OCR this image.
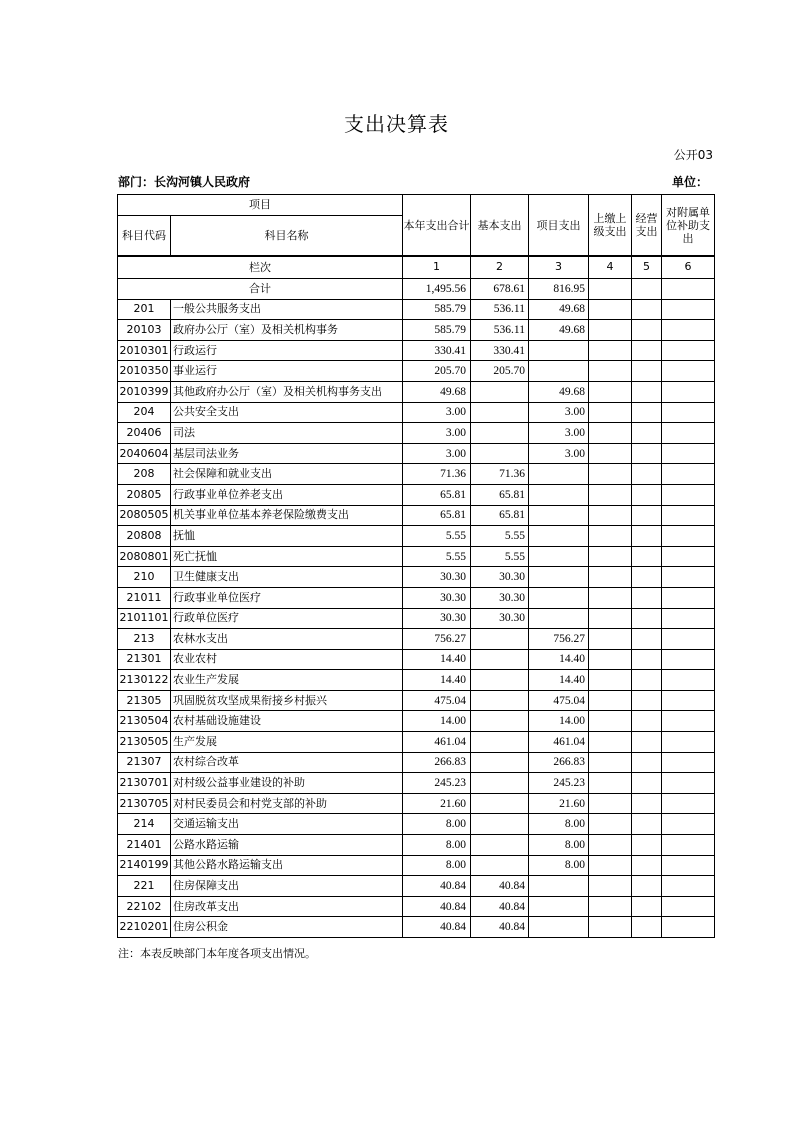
支出决算表
公开03
部门：长沟河镇人民政府	单位：
项目		本年支出合计	基本支出	项目支出	上缴上级支出	经营支出	对附属单位补助支出
科目代码	科目名称						
栏次		1	2	3	4	5	6
合计		1,495.56	678.61	816.95			
201	一般公共服务支出	585.79	536.11	49.68			
20103	政府办公厅（室）及相关机构事务	585.79	536.11	49.68			
2010301	行政运行	330.41	330.41				
2010350	事业运行	205.70	205.70				
2010399	其他政府办公厅（室）及相关机构事务支出	49.68		49.68			
204	公共安全支出	3.00		3.00			
20406	司法	3.00		3.00			
2040604	基层司法业务	3.00		3.00			
208	社会保障和就业支出	71.36	71.36				
20805	行政事业单位养老支出	65.81	65.81				
2080505	机关事业单位基本养老保险缴费支出	65.81	65.81				
20808	抚恤	5.55	5.55				
2080801	死亡抚恤	5.55	5.55				
210	卫生健康支出	30.30	30.30				
21011	行政事业单位医疗	30.30	30.30				
2101101	行政单位医疗	30.30	30.30				
213	农林水支出	756.27		756.27			
21301	农业农村	14.40		14.40			
2130122	农业生产发展	14.40		14.40			
21305	巩固脱贫攻坚成果衔接乡村振兴	475.04		475.04			
2130504	农村基础设施建设	14.00		14.00			
2130505	生产发展	461.04		461.04			
21307	农村综合改革	266.83		266.83			
2130701	对村级公益事业建设的补助	245.23		245.23			
2130705	对村民委员会和村党支部的补助	21.60		21.60			
214	交通运输支出	8.00		8.00			
21401	公路水路运输	8.00		8.00			
2140199	其他公路水路运输支出	8.00		8.00			
221	住房保障支出	40.84	40.84				
22102	住房改革支出	40.84	40.84				
2210201	住房公积金	40.84	40.84				
注：本表反映部门本年度各项支出情况。
